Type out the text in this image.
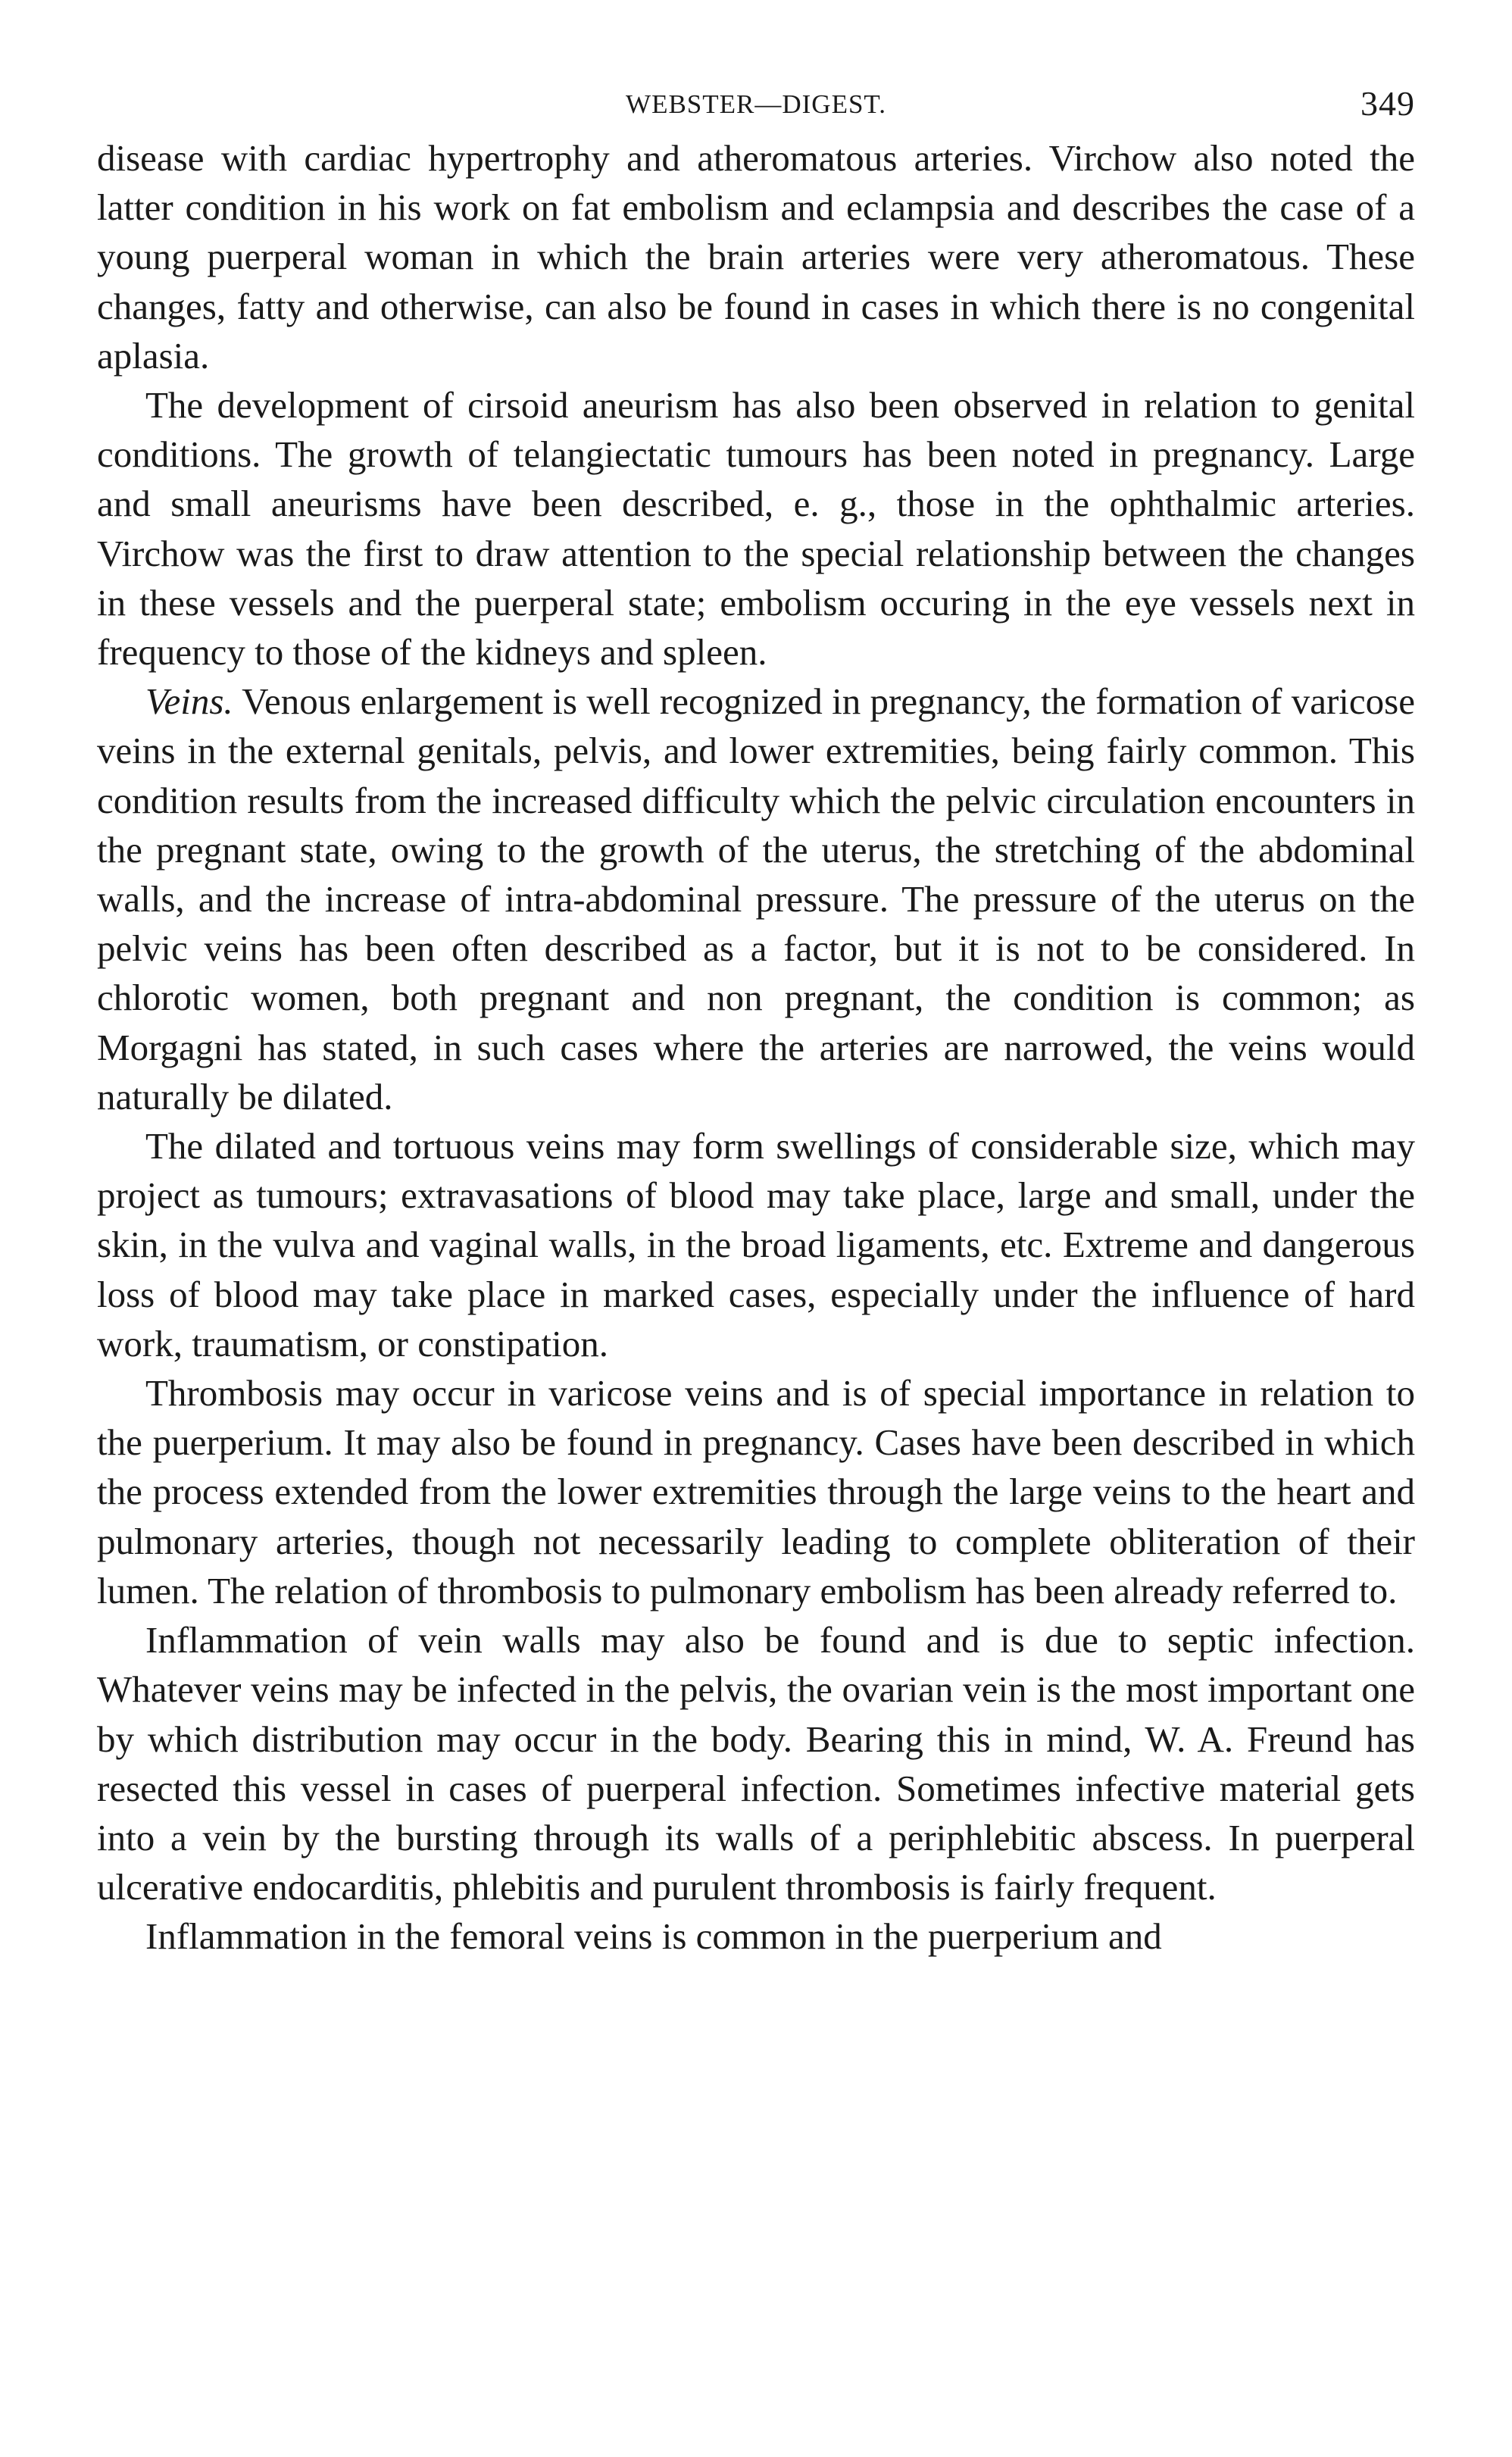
WEBSTER—DIGEST.	349

disease with cardiac hypertrophy and atheromatous arteries. Virchow also noted the latter condition in his work on fat embolism and eclampsia and describes the case of a young puerperal woman in which the brain arteries were very atheromatous. These changes, fatty and otherwise, can also be found in cases in which there is no congenital aplasia.

The development of cirsoid aneurism has also been observed in relation to genital conditions. The growth of telangiectatic tumours has been noted in pregnancy. Large and small aneurisms have been described, e. g., those in the ophthalmic arteries. Virchow was the first to draw attention to the special relationship between the changes in these vessels and the puerperal state; embolism occuring in the eye vessels next in frequency to those of the kidneys and spleen.

Veins. Venous enlargement is well recognized in pregnancy, the formation of varicose veins in the external genitals, pelvis, and lower extremities, being fairly common. This condition results from the increased difficulty which the pelvic circulation encounters in the pregnant state, owing to the growth of the uterus, the stretching of the abdominal walls, and the increase of intra-abdominal pressure. The pressure of the uterus on the pelvic veins has been often described as a factor, but it is not to be considered. In chlorotic women, both pregnant and non pregnant, the condition is common; as Morgagni has stated, in such cases where the arteries are narrowed, the veins would naturally be dilated.

The dilated and tortuous veins may form swellings of considerable size, which may project as tumours; extravasations of blood may take place, large and small, under the skin, in the vulva and vaginal walls, in the broad ligaments, etc. Extreme and dangerous loss of blood may take place in marked cases, especially under the influence of hard work, traumatism, or constipation.

Thrombosis may occur in varicose veins and is of special importance in relation to the puerperium. It may also be found in pregnancy. Cases have been described in which the process extended from the lower extremities through the large veins to the heart and pulmonary arteries, though not necessarily leading to complete obliteration of their lumen. The relation of thrombosis to pulmonary embolism has been already referred to.

Inflammation of vein walls may also be found and is due to septic infection. Whatever veins may be infected in the pelvis, the ovarian vein is the most important one by which distribution may occur in the body. Bearing this in mind, W. A. Freund has resected this vessel in cases of puerperal infection. Sometimes infective material gets into a vein by the bursting through its walls of a periphlebitic abscess. In puerperal ulcerative endocarditis, phlebitis and purulent thrombosis is fairly frequent.

Inflammation in the femoral veins is common in the puerperium and
